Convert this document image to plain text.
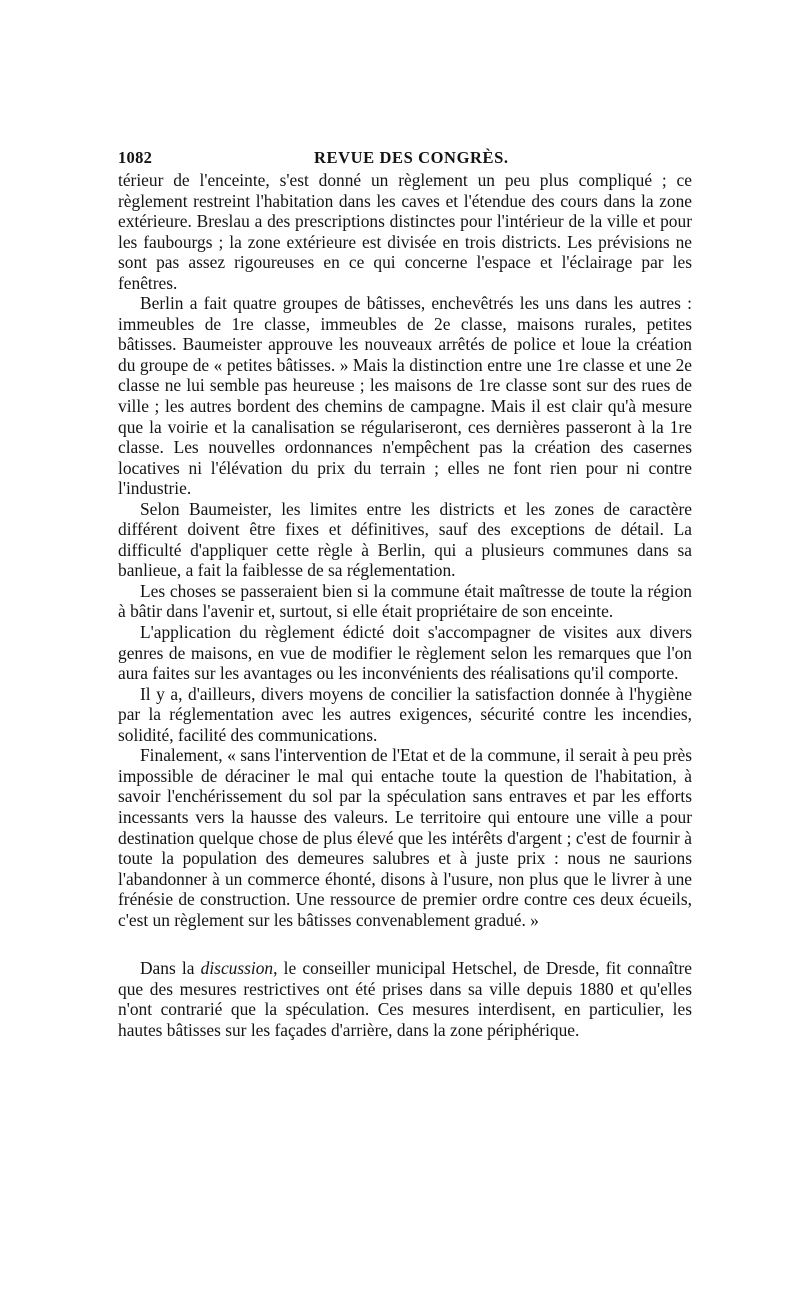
1082	REVUE DES CONGRÈS.

térieur de l'enceinte, s'est donné un règlement un peu plus compliqué ; ce règlement restreint l'habitation dans les caves et l'étendue des cours dans la zone extérieure. Breslau a des prescriptions distinctes pour l'intérieur de la ville et pour les faubourgs ; la zone extérieure est divisée en trois districts. Les prévisions ne sont pas assez rigoureuses en ce qui concerne l'espace et l'éclairage par les fenêtres.

Berlin a fait quatre groupes de bâtisses, enchevêtrés les uns dans les autres : immeubles de 1re classe, immeubles de 2e classe, maisons rurales, petites bâtisses. Baumeister approuve les nouveaux arrêtés de police et loue la création du groupe de « petites bâtisses. » Mais la distinction entre une 1re classe et une 2e classe ne lui semble pas heureuse ; les maisons de 1re classe sont sur des rues de ville ; les autres bordent des chemins de campagne. Mais il est clair qu'à mesure que la voirie et la canalisation se régulariseront, ces dernières passeront à la 1re classe. Les nouvelles ordonnances n'empêchent pas la création des casernes locatives ni l'élévation du prix du terrain ; elles ne font rien pour ni contre l'industrie.

Selon Baumeister, les limites entre les districts et les zones de caractère différent doivent être fixes et définitives, sauf des exceptions de détail. La difficulté d'appliquer cette règle à Berlin, qui a plusieurs communes dans sa banlieue, a fait la faiblesse de sa réglementation.

Les choses se passeraient bien si la commune était maîtresse de toute la région à bâtir dans l'avenir et, surtout, si elle était propriétaire de son enceinte.

L'application du règlement édicté doit s'accompagner de visites aux divers genres de maisons, en vue de modifier le règlement selon les remarques que l'on aura faites sur les avantages ou les inconvénients des réalisations qu'il comporte.

Il y a, d'ailleurs, divers moyens de concilier la satisfaction donnée à l'hygiène par la réglementation avec les autres exigences, sécurité contre les incendies, solidité, facilité des communications.

Finalement, « sans l'intervention de l'Etat et de la commune, il serait à peu près impossible de déraciner le mal qui entache toute la question de l'habitation, à savoir l'enchérissement du sol par la spéculation sans entraves et par les efforts incessants vers la hausse des valeurs. Le territoire qui entoure une ville a pour destination quelque chose de plus élevé que les intérêts d'argent ; c'est de fournir à toute la population des demeures salubres et à juste prix : nous ne saurions l'abandonner à un commerce éhonté, disons à l'usure, non plus que le livrer à une frénésie de construction. Une ressource de premier ordre contre ces deux écueils, c'est un règlement sur les bâtisses convenablement gradué. »

Dans la discussion, le conseiller municipal Hetschel, de Dresde, fit connaître que des mesures restrictives ont été prises dans sa ville depuis 1880 et qu'elles n'ont contrarié que la spéculation. Ces mesures interdisent, en particulier, les hautes bâtisses sur les façades d'arrière, dans la zone périphérique.
